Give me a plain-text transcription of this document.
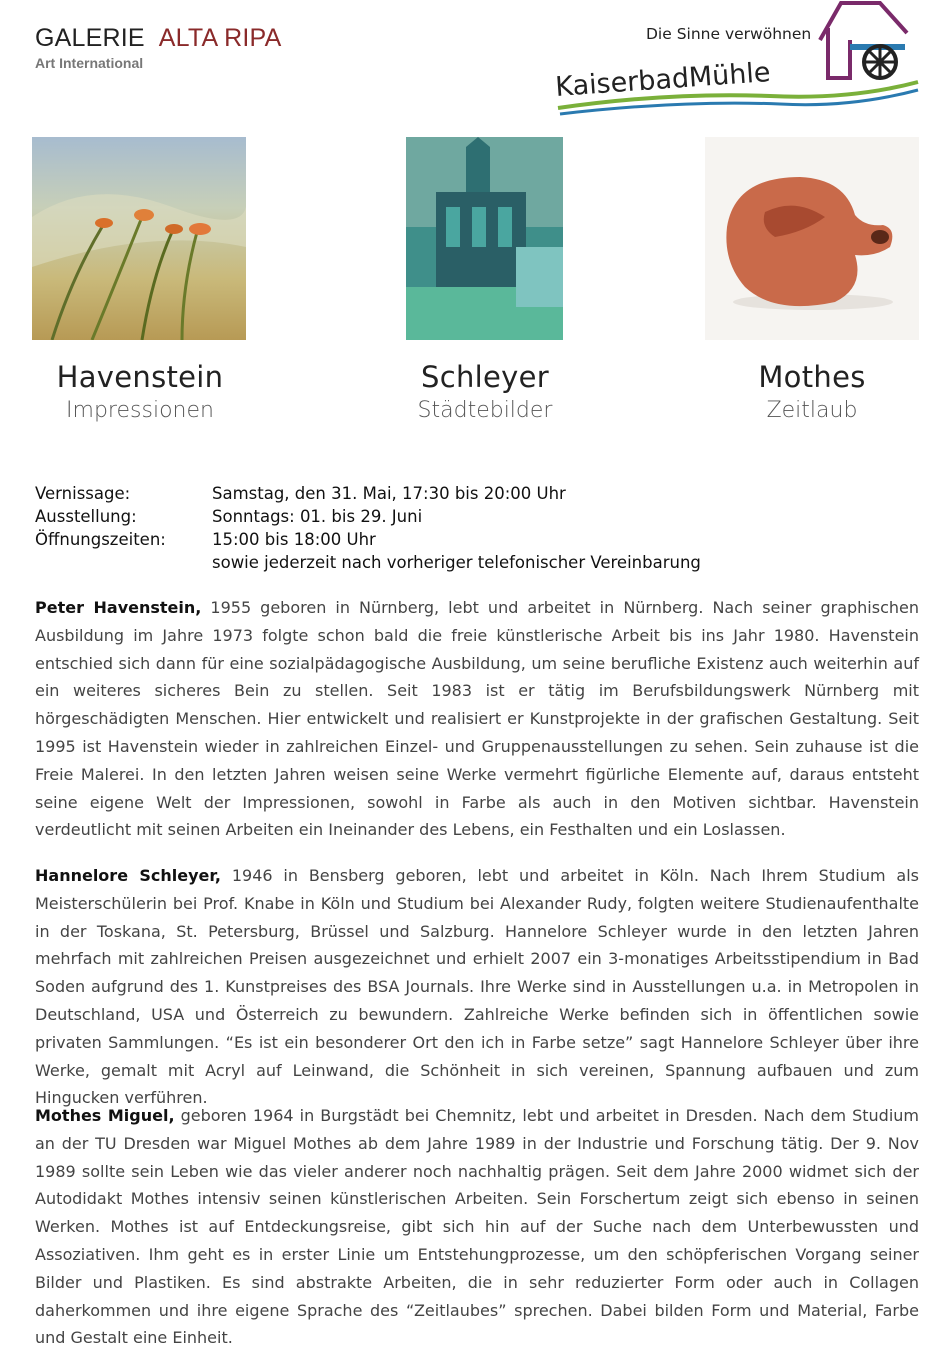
GALERIE ALTA RIPA
Art International
Die Sinne verwöhnen
KaiserbadMühle
Havenstein
Impressionen
Schleyer
Städtebilder
Mothes
Zeitlaub
Vernissage:	Samstag, den 31. Mai, 17:30 bis 20:00 Uhr
Ausstellung:	Sonntags: 01. bis 29. Juni
Öffnungszeiten:	15:00 bis 18:00 Uhr
sowie jederzeit nach vorheriger telefonischer Vereinbarung

Peter Havenstein, 1955 geboren in Nürnberg, lebt und arbeitet in Nürnberg. Nach seiner graphischen Ausbildung im Jahre 1973 folgte schon bald die freie künstlerische Arbeit bis ins Jahr 1980. Havenstein entschied sich dann für eine sozialpädagogische Ausbildung, um seine berufliche Existenz auch weiterhin auf ein weiteres sicheres Bein zu stellen. Seit 1983 ist er tätig im Berufsbildungswerk Nürnberg mit hörgeschädigten Menschen. Hier entwickelt und realisiert er Kunstprojekte in der grafischen Gestaltung. Seit 1995 ist Havenstein wieder in zahlreichen Einzel- und Gruppenausstellungen zu sehen. Sein zuhause ist die Freie Malerei. In den letzten Jahren weisen seine Werke vermehrt figürliche Elemente auf, daraus entsteht seine eigene Welt der Impressionen, sowohl in Farbe als auch in den Motiven sichtbar. Havenstein verdeutlicht mit seinen Arbeiten ein Ineinander des Lebens, ein Festhalten und ein Loslassen.

Hannelore Schleyer, 1946 in Bensberg geboren, lebt und arbeitet in Köln. Nach Ihrem Studium als Meisterschülerin bei Prof. Knabe in Köln und Studium bei Alexander Rudy, folgten weitere Studienaufenthalte in der Toskana, St. Petersburg, Brüssel und Salzburg. Hannelore Schleyer wurde in den letzten Jahren mehrfach mit zahlreichen Preisen ausgezeichnet und erhielt 2007 ein 3-monatiges Arbeitsstipendium in Bad Soden aufgrund des 1. Kunstpreises des BSA Journals. Ihre Werke sind in Ausstellungen u.a. in Metropolen in Deutschland, USA und Österreich zu bewundern. Zahlreiche Werke befinden sich in öffentlichen sowie privaten Sammlungen. “Es ist ein besonderer Ort den ich in Farbe setze” sagt Hannelore Schleyer über ihre Werke, gemalt mit Acryl auf Leinwand, die Schönheit in sich vereinen, Spannung aufbauen und zum Hingucken verführen.

Mothes Miguel, geboren 1964 in Burgstädt bei Chemnitz, lebt und arbeitet in Dresden. Nach dem Studium an der TU Dresden war Miguel Mothes ab dem Jahre 1989 in der Industrie und Forschung tätig. Der 9. Nov 1989 sollte sein Leben wie das vieler anderer noch nachhaltig prägen. Seit dem Jahre 2000 widmet sich der Autodidakt Mothes intensiv seinen künstlerischen Arbeiten. Sein Forschertum zeigt sich ebenso in seinen Werken. Mothes ist auf Entdeckungsreise, gibt sich hin auf der Suche nach dem Unterbewussten und Assoziativen. Ihm geht es in erster Linie um Entstehungprozesse, um den schöpferischen Vorgang seiner Bilder und Plastiken. Es sind abstrakte Arbeiten, die in sehr reduzierter Form oder auch in Collagen daherkommen und ihre eigene Sprache des “Zeitlaubes” sprechen. Dabei bilden Form und Material, Farbe und Gestalt eine Einheit.
